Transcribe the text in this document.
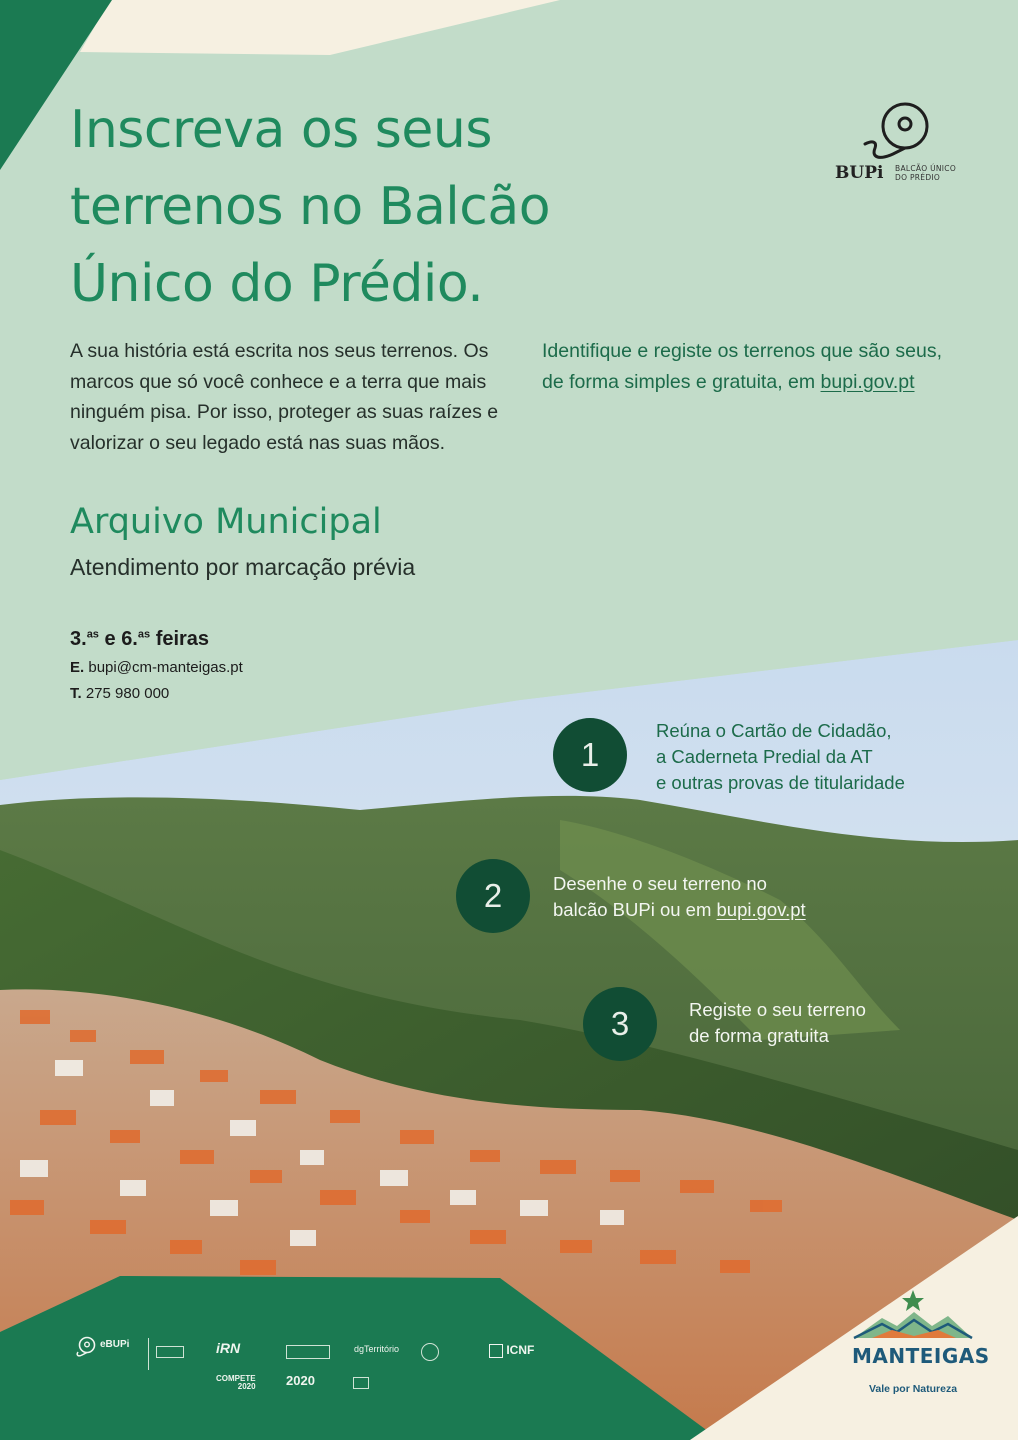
Inscreva os seus
terrenos no Balcão
Único do Prédio.
BUPi BALCÃO ÚNICO
DO PRÉDIO

A sua história está escrita nos seus terrenos. Os marcos que só você conhece e a terra que mais ninguém pisa. Por isso, proteger as suas raízes e valorizar o seu legado está nas suas mãos.

Identifique e registe os terrenos que são seus, de forma simples e gratuita, em bupi.gov.pt

Arquivo Municipal
Atendimento por marcação prévia
3.$^{as}$ e 6.$^{as}$ feiras
E. bupi@cm-manteigas.pt
T. 275 980 000
1
Reúna o Cartão de Cidadão,
a Caderneta Predial da AT
e outras provas de titularidade
2	Desenhe o seu terreno no
balcão BUPi ou em bupi.gov.pt
3	Registe o seu terreno
de forma gratuita
eBUPi	iRN	dgTerritório	ICNF
COMPETE
2020 2020
MANTEIGAS
Vale por Natureza
